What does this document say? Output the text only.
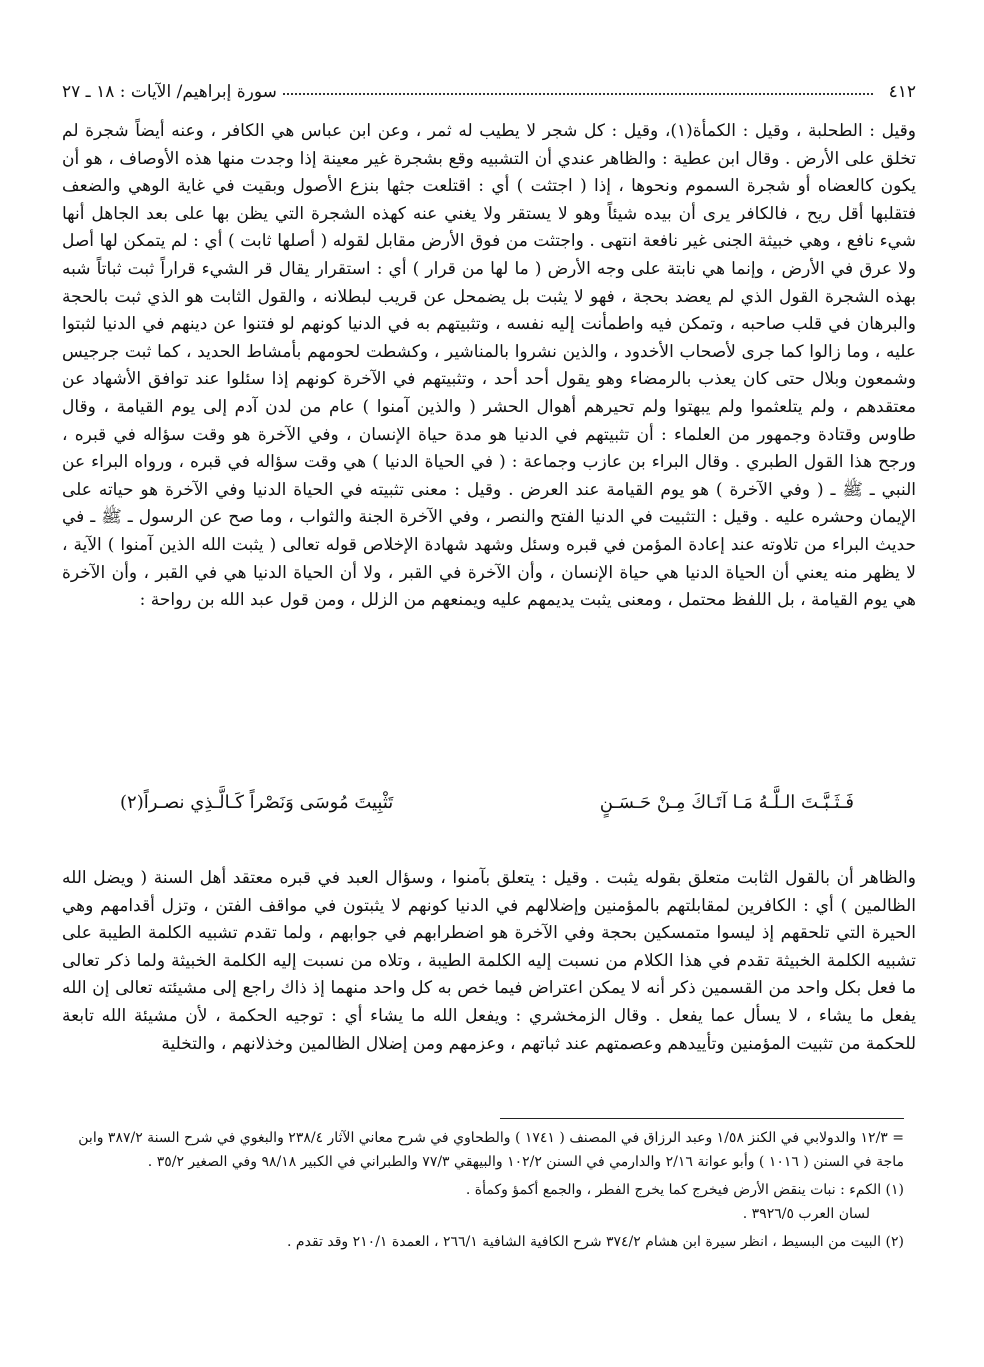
٤١٢
سورة إبراهيم/ الآيات : ١٨ ـ ٢٧

وقيل : الطحلبة ، وقيل : الكمأة(١)، وقيل : كل شجر لا يطيب له ثمر ، وعن ابن عباس هي الكافر ، وعنه أيضاً شجرة لم تخلق على الأرض . وقال ابن عطية : والظاهر عندي أن التشبيه وقع بشجرة غير معينة إذا وجدت منها هذه الأوصاف ، هو أن يكون كالعضاه أو شجرة السموم ونحوها ، إذا ( اجتثت ) أي : اقتلعت جثها بنزع الأصول وبقيت في غاية الوهي والضعف فتقلبها أقل ريح ، فالكافر يرى أن بيده شيئاً وهو لا يستقر ولا يغني عنه كهذه الشجرة التي يظن بها على بعد الجاهل أنها شيء نافع ، وهي خبيثة الجنى غير نافعة انتهى . واجتثت من فوق الأرض مقابل لقوله ( أصلها ثابت ) أي : لم يتمكن لها أصل ولا عرق في الأرض ، وإنما هي نابتة على وجه الأرض ( ما لها من قرار ) أي : استقرار يقال قر الشيء قراراً ثبت ثباتاً شبه بهذه الشجرة القول الذي لم يعضد بحجة ، فهو لا يثبت بل يضمحل عن قريب لبطلانه ، والقول الثابت هو الذي ثبت بالحجة والبرهان في قلب صاحبه ، وتمكن فيه واطمأنت إليه نفسه ، وتثبيتهم به في الدنيا كونهم لو فتنوا عن دينهم في الدنيا لثبتوا عليه ، وما زالوا كما جرى لأصحاب الأخدود ، والذين نشروا بالمناشير ، وكشطت لحومهم بأمشاط الحديد ، كما ثبت جرجيس وشمعون وبلال حتى كان يعذب بالرمضاء وهو يقول أحد أحد ، وتثبيتهم في الآخرة كونهم إذا سئلوا عند توافق الأشهاد عن معتقدهم ، ولم يتلعثموا ولم يبهتوا ولم تحيرهم أهوال الحشر ( والذين آمنوا ) عام من لدن آدم إلى يوم القيامة ، وقال طاوس وقتادة وجمهور من العلماء : أن تثبيتهم في الدنيا هو مدة حياة الإنسان ، وفي الآخرة هو وقت سؤاله في قبره ، ورجح هذا القول الطبري . وقال البراء بن عازب وجماعة : ( في الحياة الدنيا ) هي وقت سؤاله في قبره ، ورواه البراء عن النبي ـ ﷺ ـ ( وفي الآخرة ) هو يوم القيامة عند العرض . وقيل : معنى تثبيته في الحياة الدنيا وفي الآخرة هو حياته على الإيمان وحشره عليه . وقيل : التثبيت في الدنيا الفتح والنصر ، وفي الآخرة الجنة والثواب ، وما صح عن الرسول ـ ﷺ ـ في حديث البراء من تلاوته عند إعادة المؤمن في قبره وسئل وشهد شهادة الإخلاص قوله تعالى ( يثبت الله الذين آمنوا ) الآية ، لا يظهر منه يعني أن الحياة الدنيا هي حياة الإنسان ، وأن الآخرة في القبر ، ولا أن الحياة الدنيا هي في القبر ، وأن الآخرة هي يوم القيامة ، بل اللفظ محتمل ، ومعنى يثبت يديمهم عليه ويمنعهم من الزلل ، ومن قول عبد الله بن رواحة :

فَـثَـبَّـتَ الـلَّـهُ مَـا آتَـاكَ مِـنْ حَـسَـنٍ
تَثْبِيتَ مُوسَى وَنَصْراً كَـالَّـذِي نصـراً(٢)

والظاهر أن بالقول الثابت متعلق بقوله يثبت . وقيل : يتعلق بآمنوا ، وسؤال العبد في قبره معتقد أهل السنة ( ويضل الله الظالمين ) أي : الكافرين لمقابلتهم بالمؤمنين وإضلالهم في الدنيا كونهم لا يثبتون في مواقف الفتن ، وتزل أقدامهم وهي الحيرة التي تلحقهم إذ ليسوا متمسكين بحجة وفي الآخرة هو اضطرابهم في جوابهم ، ولما تقدم تشبيه الكلمة الطيبة على تشبيه الكلمة الخبيثة تقدم في هذا الكلام من نسبت إليه الكلمة الطيبة ، وتلاه من نسبت إليه الكلمة الخبيثة ولما ذكر تعالى ما فعل بكل واحد من القسمين ذكر أنه لا يمكن اعتراض فيما خص به كل واحد منهما إذ ذاك راجع إلى مشيئته تعالى إن الله يفعل ما يشاء ، لا يسأل عما يفعل . وقال الزمخشري : ويفعل الله ما يشاء أي : توجيه الحكمة ، لأن مشيئة الله تابعة للحكمة من تثبيت المؤمنين وتأييدهم وعصمتهم عند ثباتهم ، وعزمهم ومن إضلال الظالمين وخذلانهم ، والتخلية

= ١٢/٣ والدولابي في الكنز ١/٥٨ وعبد الرزاق في المصنف ( ١٧٤١ ) والطحاوي في شرح معاني الآثار ٢٣٨/٤ والبغوي في شرح السنة ٣٨٧/٢ وابن ماجة في السنن ( ١٠١٦ ) وأبو عوانة ٢/١٦ والدارمي في السنن ١٠٢/٢ والبيهقي ٧٧/٣ والطبراني في الكبير ٩٨/١٨ وفي الصغير ٣٥/٢ .

(١) الكمء : نبات ينقض الأرض فيخرج كما يخرج الفطر ، والجمع أكمؤ وكمأة .

لسان العرب ٣٩٢٦/٥ .

(٢) البيت من البسيط ، انظر سيرة ابن هشام ٣٧٤/٢ شرح الكافية الشافية ٢٦٦/١ ، العمدة ٢١٠/١ وقد تقدم .
